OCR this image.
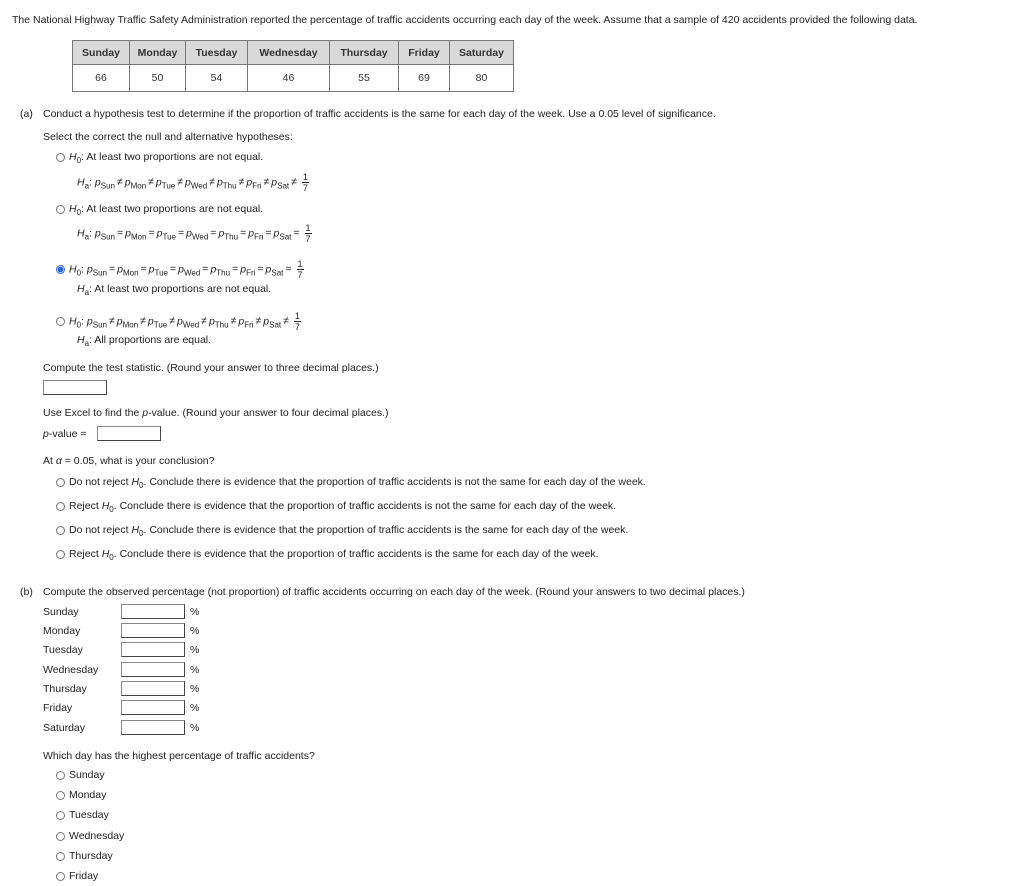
The National Highway Traffic Safety Administration reported the percentage of traffic accidents occurring each day of the week. Assume that a sample of 420 accidents provided the following data.
Sunday	Monday	Tuesday	Wednesday	Thursday	Friday	Saturday
66	50	54	46	55	69	80
(a) Conduct a hypothesis test to determine if the proportion of traffic accidents is the same for each day of the week. Use a 0.05 level of significance.
Select the correct the null and alternative hypotheses:
$H_0$: At least two proportions are not equal.
$H_a$: $p_{Sun} \ne p_{Mon} \ne p_{Tue} \ne p_{Wed} \ne p_{Thu} \ne p_{Fri} \ne p_{Sat} \ne \frac{1}{7}$
$H_0$: At least two proportions are not equal.
$H_a$: $p_{Sun} = p_{Mon} = p_{Tue} = p_{Wed} = p_{Thu} = p_{Fri} = p_{Sat} = \frac{1}{7}$
$H_0$: $p_{Sun} = p_{Mon} = p_{Tue} = p_{Wed} = p_{Thu} = p_{Fri} = p_{Sat} = \frac{1}{7}$
$H_a$: At least two proportions are not equal.
$H_0$: $p_{Sun} \ne p_{Mon} \ne p_{Tue} \ne p_{Wed} \ne p_{Thu} \ne p_{Fri} \ne p_{Sat} \ne \frac{1}{7}$
$H_a$: All proportions are equal.
Compute the test statistic. (Round your answer to three decimal places.)
Use Excel to find the p-value. (Round your answer to four decimal places.)
p-value =
At α = 0.05, what is your conclusion?
Do not reject $H_0$. Conclude there is evidence that the proportion of traffic accidents is not the same for each day of the week.
Reject $H_0$. Conclude there is evidence that the proportion of traffic accidents is not the same for each day of the week.
Do not reject $H_0$. Conclude there is evidence that the proportion of traffic accidents is the same for each day of the week.
Reject $H_0$. Conclude there is evidence that the proportion of traffic accidents is the same for each day of the week.
(b) Compute the observed percentage (not proportion) of traffic accidents occurring on each day of the week. (Round your answers to two decimal places.)
Sunday	%
Monday	%
Tuesday	%
Wednesday	%
Thursday	%
Friday	%
Saturday	%
Which day has the highest percentage of traffic accidents?
Sunday
Monday
Tuesday
Wednesday
Thursday
Friday
